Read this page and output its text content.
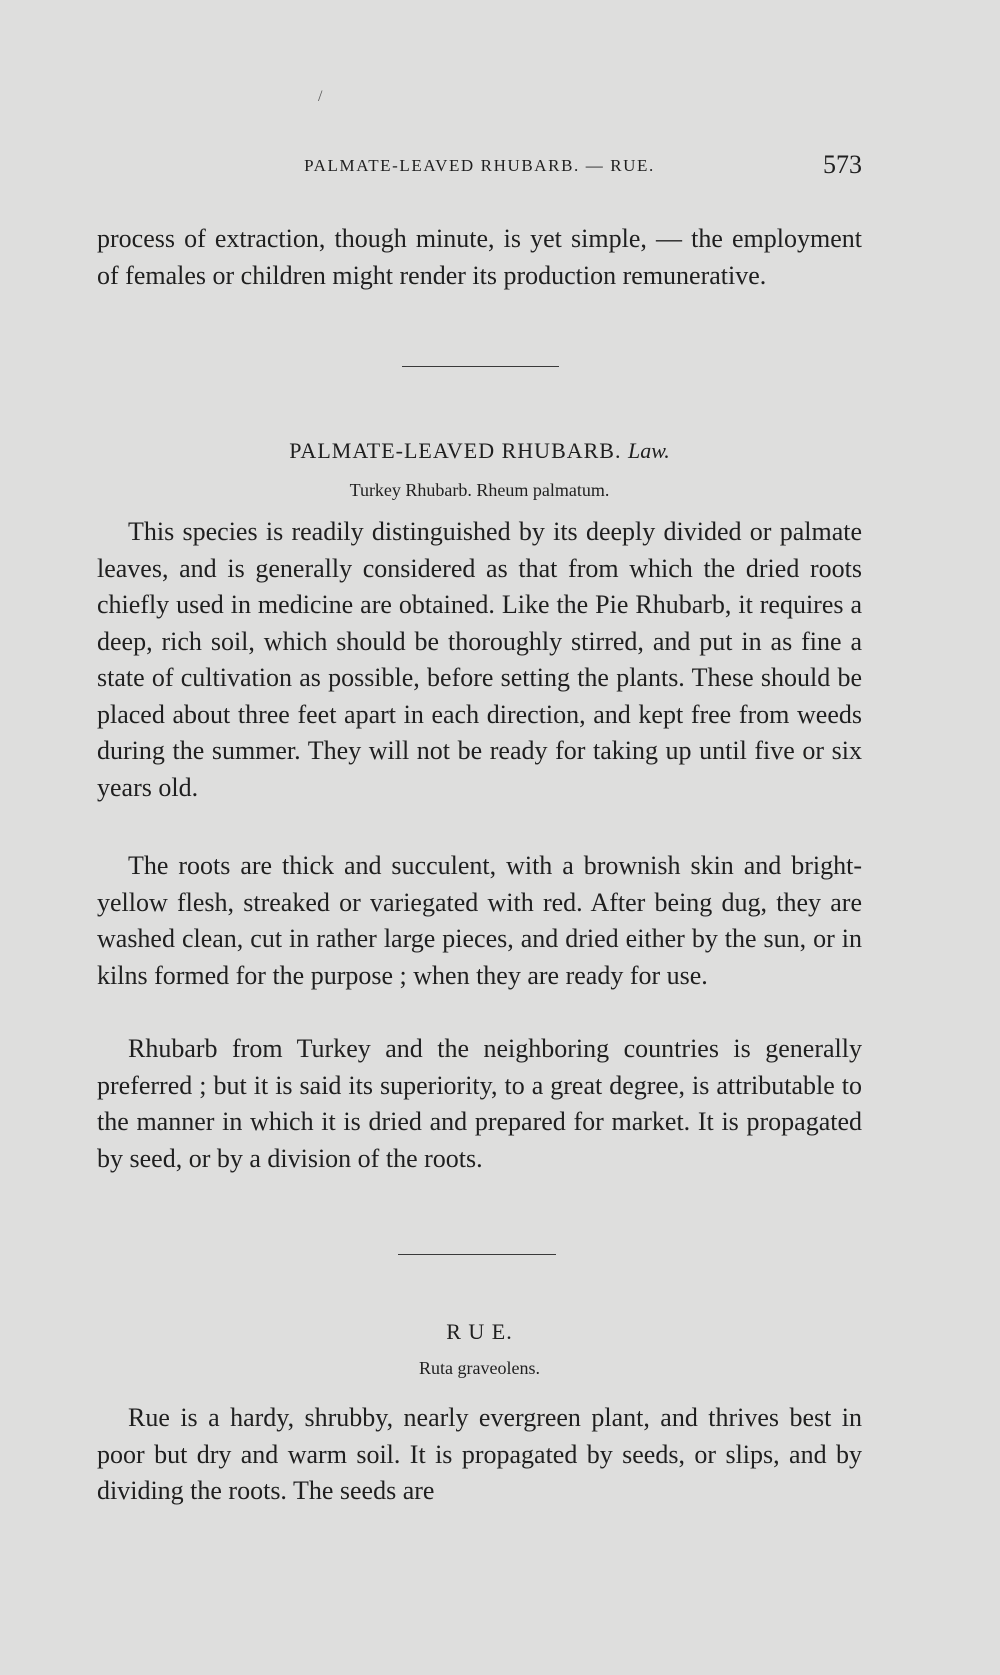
/
PALMATE-LEAVED RHUBARB. — RUE.	573

process of extraction, though minute, is yet simple, — the employment of females or children might render its production remunerative.

PALMATE-LEAVED RHUBARB. Law.
Turkey Rhubarb. Rheum palmatum.

This species is readily distinguished by its deeply divided or palmate leaves, and is generally considered as that from which the dried roots chiefly used in medicine are obtained. Like the Pie Rhubarb, it requires a deep, rich soil, which should be thoroughly stirred, and put in as fine a state of cultivation as possible, before setting the plants. These should be placed about three feet apart in each direction, and kept free from weeds during the summer. They will not be ready for taking up until five or six years old.

The roots are thick and succulent, with a brownish skin and bright-yellow flesh, streaked or variegated with red. After being dug, they are washed clean, cut in rather large pieces, and dried either by the sun, or in kilns formed for the purpose ; when they are ready for use.

Rhubarb from Turkey and the neighboring countries is generally preferred ; but it is said its superiority, to a great degree, is attributable to the manner in which it is dried and prepared for market. It is propagated by seed, or by a division of the roots.

R U E.
Ruta graveolens.

Rue is a hardy, shrubby, nearly evergreen plant, and thrives best in poor but dry and warm soil. It is propagated by seeds, or slips, and by dividing the roots. The seeds are
